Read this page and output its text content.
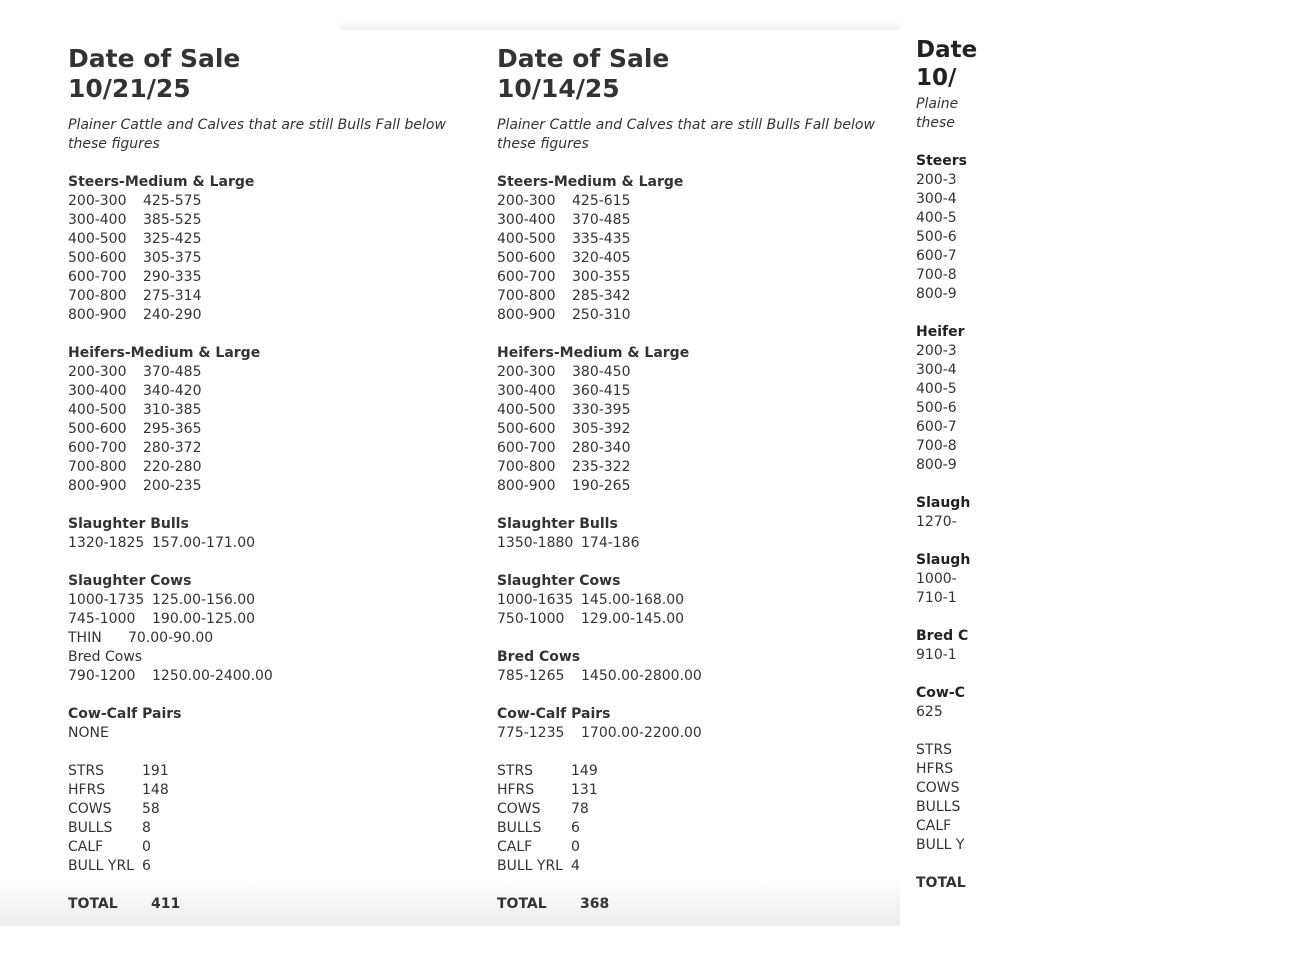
Date of Sale
10/21/25
Plainer Cattle and Calves that are still Bulls Fall below these figures
Steers-Medium & Large
200-300	425-575
300-400	385-525
400-500	325-425
500-600	305-375
600-700	290-335
700-800	275-314
800-900	240-290
Heifers-Medium & Large
200-300	370-485
300-400	340-420
400-500	310-385
500-600	295-365
600-700	280-372
700-800	220-280
800-900	200-235
Slaughter Bulls
1320-1825 157.00-171.00
Slaughter Cows
1000-1735 125.00-156.00
745-1000	190.00-125.00
THIN	70.00-90.00
Bred Cows
790-1200	1250.00-2400.00
Cow-Calf Pairs
NONE
STRS	191
HFRS	148
COWS	58
BULLS	8
CALF	0
BULL YRL 6
TOTAL	411
Date of Sale
10/14/25
Plainer Cattle and Calves that are still Bulls Fall below these figures
Steers-Medium & Large
200-300	425-615
300-400	370-485
400-500	335-435
500-600	320-405
600-700	300-355
700-800	285-342
800-900	250-310
Heifers-Medium & Large
200-300	380-450
300-400	360-415
400-500	330-395
500-600	305-392
600-700	280-340
700-800	235-322
800-900	190-265
Slaughter Bulls
1350-1880 174-186
Slaughter Cows
1000-1635 145.00-168.00
750-1000	129.00-145.00
Bred Cows
785-1265	1450.00-2800.00
Cow-Calf Pairs
775-1235	1700.00-2200.00
STRS	149
HFRS	131
COWS	78
BULLS	6
CALF	0
BULL YRL 4
TOTAL	368
Date
10/
Plaine
these
Steers
200-3
300-4
400-5
500-6
600-7
700-8
800-9
Heifer
200-3
300-4
400-5
500-6
600-7
700-8
800-9
Slaugh
1270-
Slaugh
1000-
710-1
Bred C
910-1
Cow-C
625
STRS
HFRS
COWS
BULLS
CALF
BULL Y
TOTAL
